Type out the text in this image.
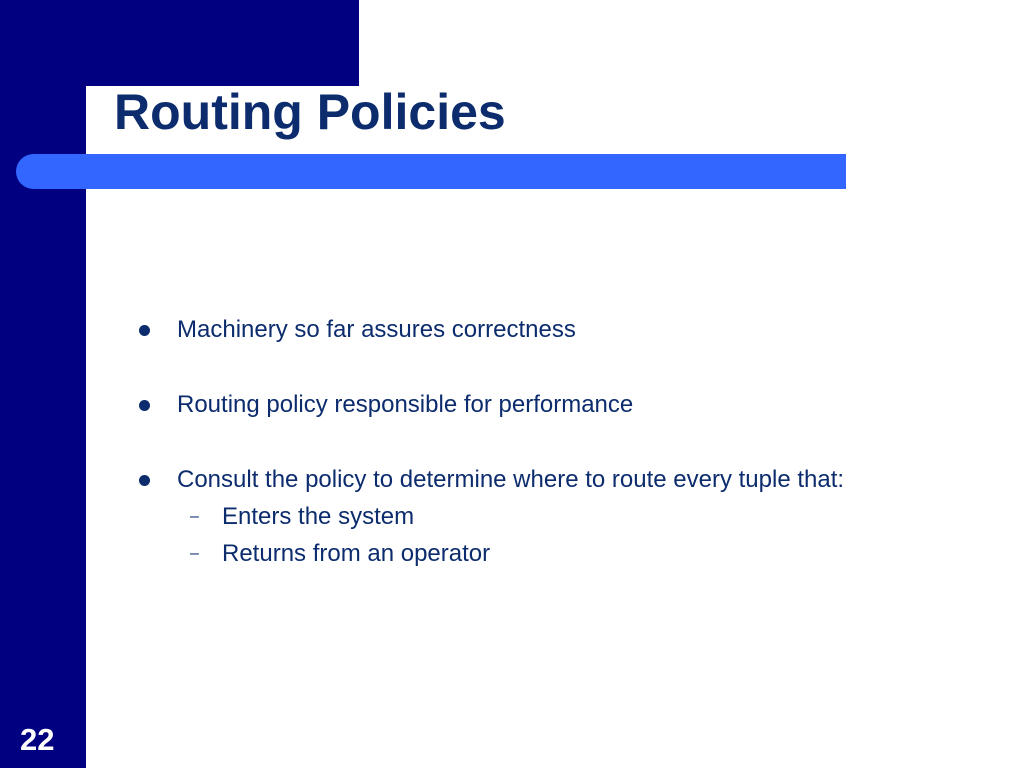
Routing Policies
Machinery so far assures correctness
Routing policy responsible for performance
Consult the policy to determine where to route every tuple that:
– Enters the system
– Returns from an operator
22
